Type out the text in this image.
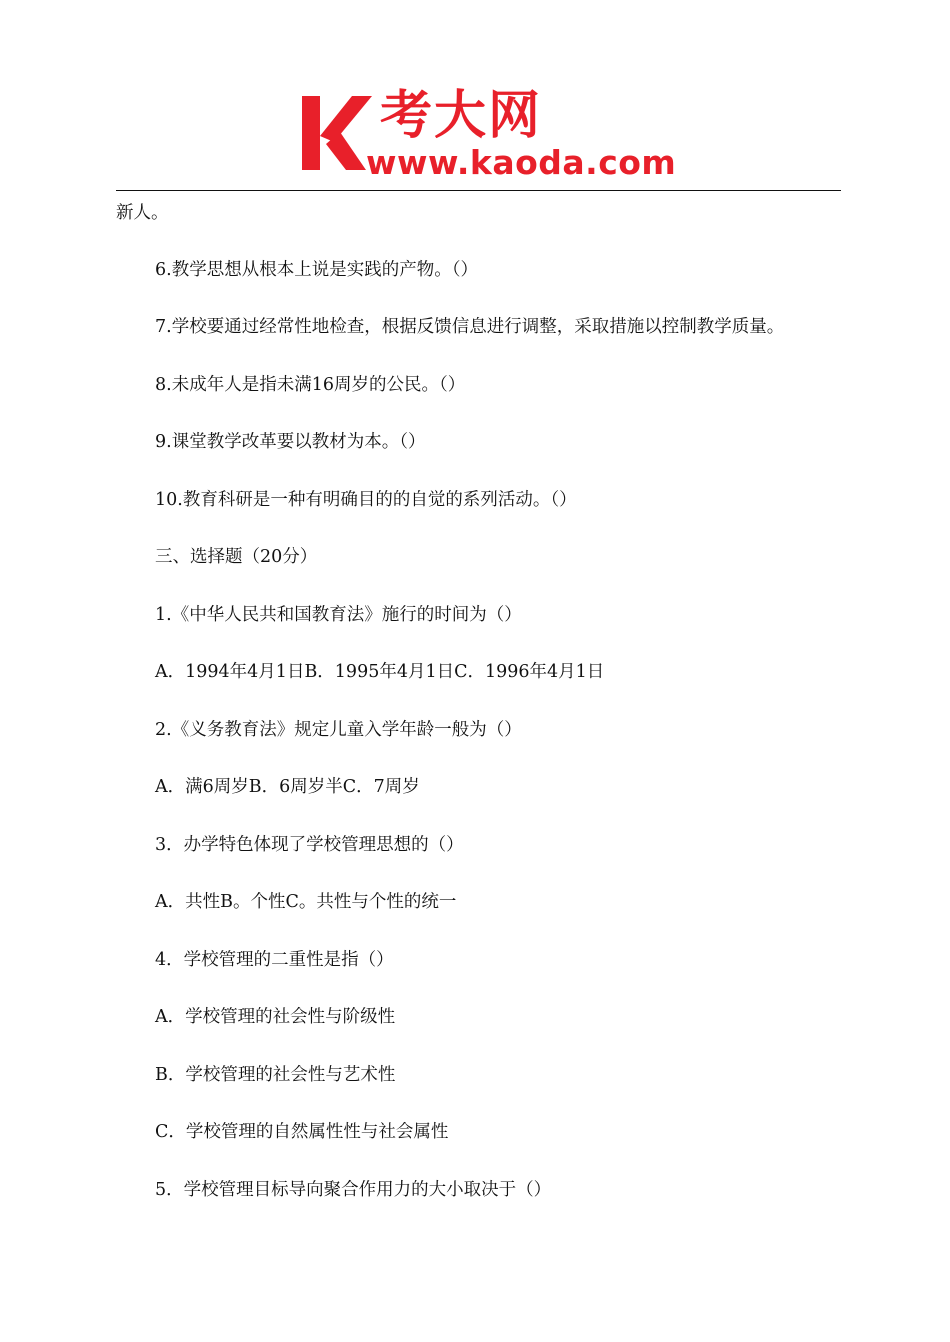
考大网
www.kaoda.com
新人。
6.教学思想从根本上说是实践的产物。（）
7.学校要通过经常性地检查，根据反馈信息进行调整，采取措施以控制教学质量。
8.未成年人是指未满16周岁的公民。（）
9.课堂教学改革要以教材为本。（）
10.教育科研是一种有明确目的的自觉的系列活动。（）
三、选择题（20分）
1.《中华人民共和国教育法》施行的时间为（）
A．1994年4月1日B．1995年4月1日C．1996年4月1日
2.《义务教育法》规定儿童入学年龄一般为（）
A．满6周岁B．6周岁半C．7周岁
3．办学特色体现了学校管理思想的（）
A．共性B。个性C。共性与个性的统一
4．学校管理的二重性是指（）
A．学校管理的社会性与阶级性
B．学校管理的社会性与艺术性
C．学校管理的自然属性性与社会属性
5．学校管理目标导向聚合作用力的大小取决于（）
